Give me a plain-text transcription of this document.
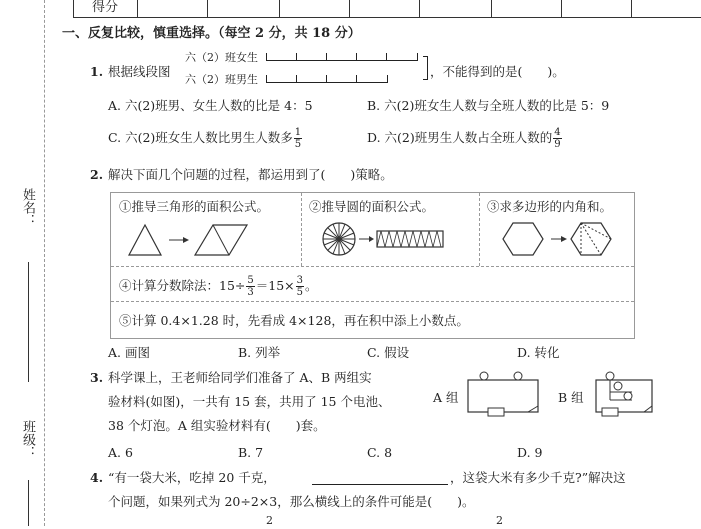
得分
姓名：
班级：
一、反复比较，慎重选择。（每空 2 分，共 18 分）
1. 根据线段图
六（2）班女生
六（2）班男生
，不能得到的是(　　)。
A. 六(2)班男、女生人数的比是 4：5	B. 六(2)班女生人数与全班人数的比是 5：9
C. 六(2)班女生人数比男生人数多 $\frac{1}{5}$	D. 六(2)班男生人数占全班人数的 $\frac{4}{9}$
2. 解决下面几个问题的过程，都运用到了(　　)策略。
①推导三角形的面积公式。	②推导圆的面积公式。	③求多边形的内角和。
④计算分数除法：$15\div \frac{5}{3} =15\times \frac{3}{5}$ 。
⑤计算 0.4×1.28 时，先看成 4×128，再在积中添上小数点。
A. 画图	B. 列举	C. 假设	D. 转化
3. 科学课上，王老师给同学们准备了 A、B 两组实
验材料(如图)，一共有 15 套，共用了 15 个电池、
38 个灯泡。A 组实验材料有(　　)套。
A 组	B 组
A. 6	B. 7	C. 8	D. 9
4. “有一袋大米，吃掉 20 千克，	，这袋大米有多少千克?”解决这
个问题，如果列式为 20÷2×3，那么横线上的条件可能是(　　)。
2	2
